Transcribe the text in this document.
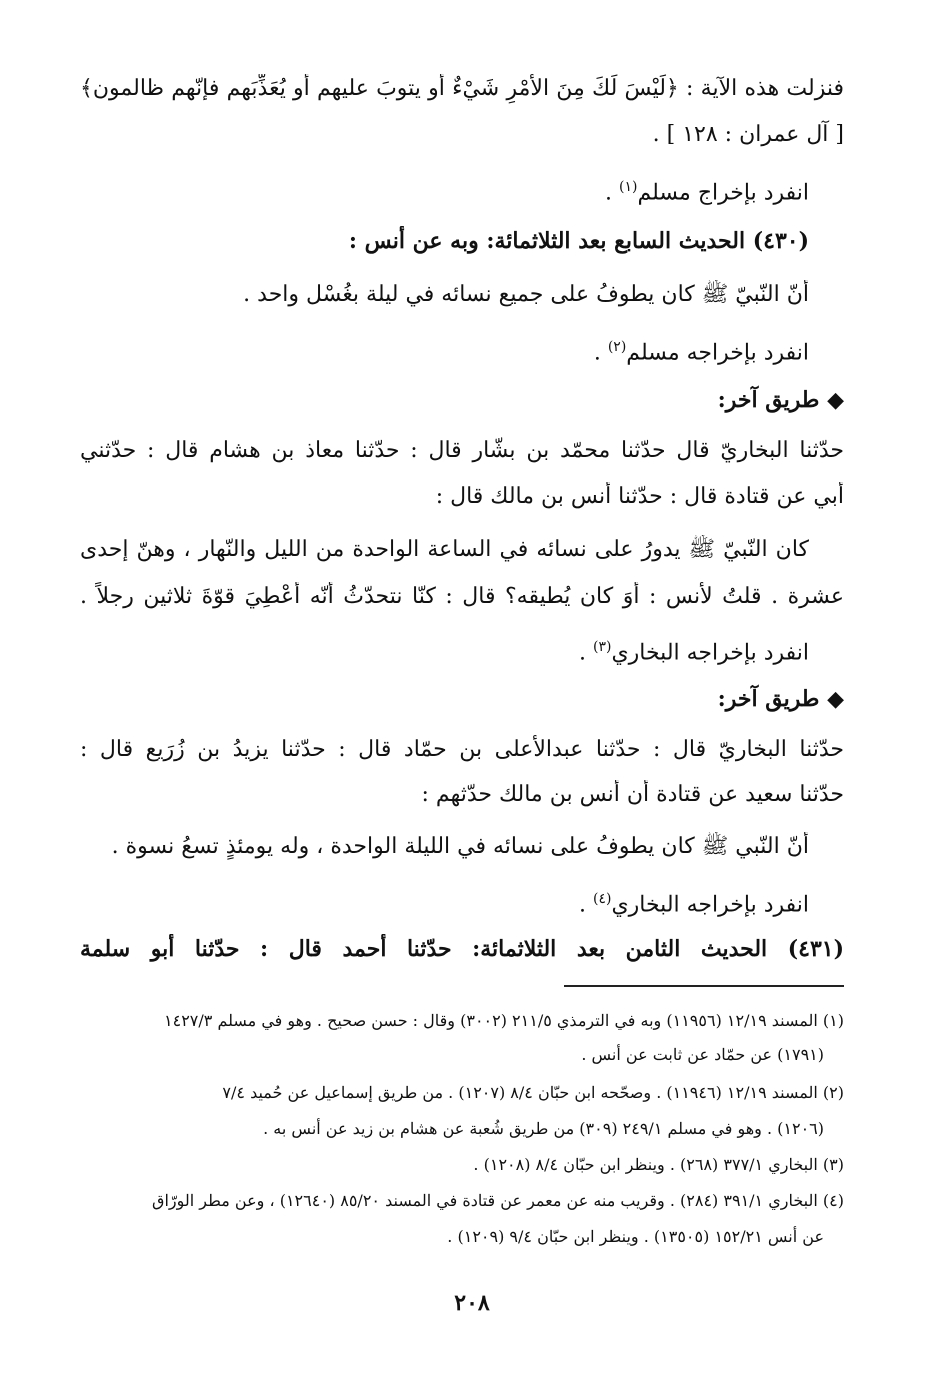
فنزلت هذه الآية : ﴿لَيْسَ لَكَ مِنَ الأَمْرِ شَيْءٌ أو يتوبَ عليهم أو يُعَذِّبَهم فإنّهم ظالمون﴾
[ آل عمران : ١٢٨ ] .
انفرد بإخراج مسلم$^{(١)}$ .
(٤٣٠) الحديث السابع بعد الثلاثمائة: وبه عن أنس :
أنّ النّبيّ ﷺ كان يطوفُ على جميع نسائه في ليلة بغُسْل واحد .
انفرد بإخراجه مسلم$^{(٢)}$ .
◆ طريق آخر:
حدّثنا البخاريّ قال حدّثنا محمّد بن بشّار قال : حدّثنا معاذ بن هشام قال : حدّثني
أبي عن قتادة قال : حدّثنا أنس بن مالك قال :
كان النّبيّ ﷺ يدورُ على نسائه في الساعة الواحدة من الليل والنّهار ، وهنّ إحدى
عشرة . قلتُ لأنس : أَوَ كان يُطيقه؟ قال : كنّا نتحدّثُ أنّه أُعْطِيَ قوّةَ ثلاثين رجلاً .
انفرد بإخراجه البخاري$^{(٣)}$ .
◆ طريق آخر:
حدّثنا البخاريّ قال : حدّثنا عبدالأعلى بن حمّاد قال : حدّثنا يزيدُ بن زُرَيع قال :
حدّثنا سعيد عن قتادة أن أنس بن مالك حدّثهم :
أنّ النّبي ﷺ كان يطوفُ على نسائه في الليلة الواحدة ، وله يومئذٍ تسعُ نسوة .
انفرد بإخراجه البخاري$^{(٤)}$ .
(٤٣١) الحديث الثامن بعد الثلاثمائة: حدّثنا أحمد قال : حدّثنا أبو سلمة
(١) المسند ١٢/١٩ (١١٩٥٦) وبه في الترمذي ٢١١/٥ (٣٠٠٢) وقال : حسن صحيح . وهو في مسلم ١٤٢٧/٣
(١٧٩١) عن حمّاد عن ثابت عن أنس .
(٢) المسند ١٢/١٩ (١١٩٤٦) . وصحّحه ابن حبّان ٨/٤ (١٢٠٧) . من طريق إسماعيل عن حُميد ٧/٤
(١٢٠٦) . وهو في مسلم ٢٤٩/١ (٣٠٩) من طريق شُعبة عن هشام بن زيد عن أنس به .
(٣) البخاري ٣٧٧/١ (٢٦٨) . وينظر ابن حبّان ٨/٤ (١٢٠٨) .
(٤) البخاري ٣٩١/١ (٢٨٤) . وقريب منه عن معمر عن قتادة في المسند ٨٥/٢٠ (١٢٦٤٠) ، وعن مطر الورّاق
عن أنس ١٥٢/٢١ (١٣٥٠٥) . وينظر ابن حبّان ٩/٤ (١٢٠٩) .
٢٠٨
